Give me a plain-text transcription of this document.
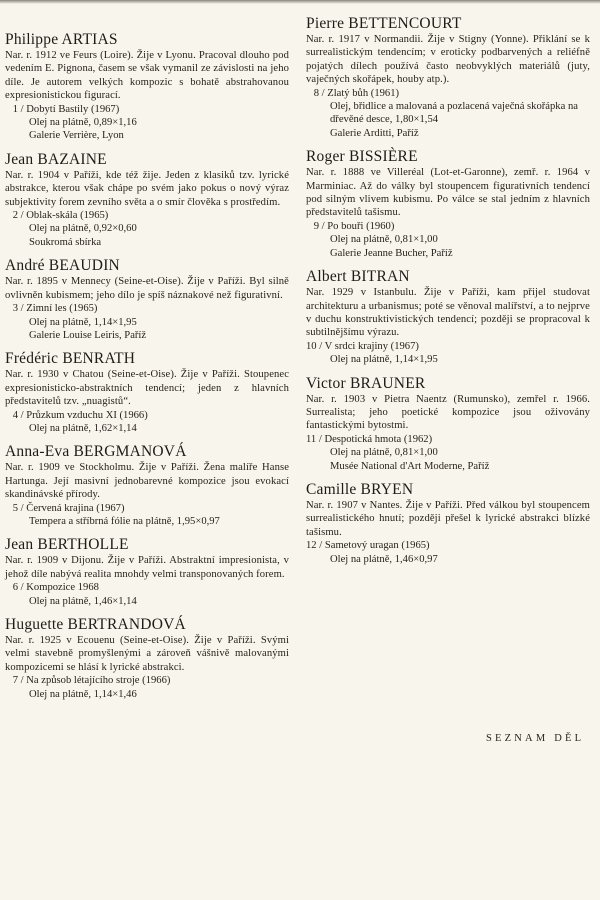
Philippe ARTIAS

Nar. r. 1912 ve Feurs (Loire). Žije v Lyonu. Pracoval dlouho pod vedením E. Pignona, časem se však vymanil ze závislosti na jeho díle. Je autorem velkých kompozic s bohatě abstrahovanou expresionistickou figurací.

1 / Dobytí Bastily (1967)
Olej na plátně, 0,89×1,16
Galerie Verrière, Lyon
Jean BAZAINE

Nar. r. 1904 v Paříži, kde též žije. Jeden z klasiků tzv. lyrické abstrakce, kterou však chápe po svém jako pokus o nový výraz subjektivity forem zevního světa a o smír člověka s prostředím.

2 / Oblak-skála (1965)
Olej na plátně, 0,92×0,60
Soukromá sbírka
André BEAUDIN

Nar. r. 1895 v Mennecy (Seine-et-Oise). Žije v Paříži. Byl silně ovlivněn kubismem; jeho dílo je spíš náznakové než figurativní.

3 / Zimní les (1965)
Olej na plátně, 1,14×1,95
Galerie Louise Leiris, Paříž
Frédéric BENRATH

Nar. r. 1930 v Chatou (Seine-et-Oise). Žije v Paříži. Stoupenec expresionisticko-abstraktních tendencí; jeden z hlavních představitelů tzv. „nuagistů“.

4 / Průzkum vzduchu XI (1966)
Olej na plátně, 1,62×1,14
Anna-Eva BERGMANOVÁ

Nar. r. 1909 ve Stockholmu. Žije v Paříži. Žena malíře Hanse Hartunga. Její masivní jednobarevné kompozice jsou evokací skandinávské přírody.

5 / Červená krajina (1967)
Tempera a stříbrná fólie na plátně, 1,95×0,97
Jean BERTHOLLE

Nar. r. 1909 v Dijonu. Žije v Paříži. Abstraktní impresionista, v jehož díle nabývá realita mnohdy velmi transponovaných forem.

6 / Kompozice 1968
Olej na plátně, 1,46×1,14
Huguette BERTRANDOVÁ

Nar. r. 1925 v Ecouenu (Seine-et-Oise). Žije v Paříži. Svými velmi stavebně promyšlenými a zároveň vášnivě malovanými kompozicemi se hlásí k lyrické abstrakci.

7 / Na způsob létajícího stroje (1966)
Olej na plátně, 1,14×1,46
Pierre BETTENCOURT

Nar. r. 1917 v Normandii. Žije v Stigny (Yonne). Přiklání se k surrealistickým tendencím; v eroticky podbarvených a reliéfně pojatých dílech používá často neobvyklých materiálů (juty, vaječných skořápek, houby atp.).

8 / Zlatý bůh (1961)
Olej, břidlice a malovaná a pozlacená vaječná skořápka na dřevěné desce, 1,80×1,54
Galerie Arditti, Paříž
Roger BISSIÈRE

Nar. r. 1888 ve Villeréal (Lot-et-Garonne), zemř. r. 1964 v Marminiac. Až do války byl stoupencem figurativních tendencí pod silným vlivem kubismu. Po válce se stal jedním z hlavních představitelů tašismu.

9 / Po bouři (1960)
Olej na plátně, 0,81×1,00
Galerie Jeanne Bucher, Paříž
Albert BITRAN

Nar. 1929 v Istanbulu. Žije v Paříži, kam přijel studovat architekturu a urbanismus; poté se věnoval malířství, a to nejprve v duchu konstruktivistických tendencí; později se propracoval k subtilnějšímu výrazu.

10 / V srdci krajiny (1967)
Olej na plátně, 1,14×1,95
Victor BRAUNER

Nar. r. 1903 v Pietra Naentz (Rumunsko), zemřel r. 1966. Surrealista; jeho poetické kompozice jsou oživovány fantastickými bytostmi.

11 / Despotická hmota (1962)
Olej na plátně, 0,81×1,00
Musée National d'Art Moderne, Paříž
Camille BRYEN

Nar. r. 1907 v Nantes. Žije v Paříži. Před válkou byl stoupencem surrealistického hnutí; později přešel k lyrické abstrakci blízké tašismu.

12 / Sametový uragan (1965)
Olej na plátně, 1,46×0,97
SEZNAM DĚL
